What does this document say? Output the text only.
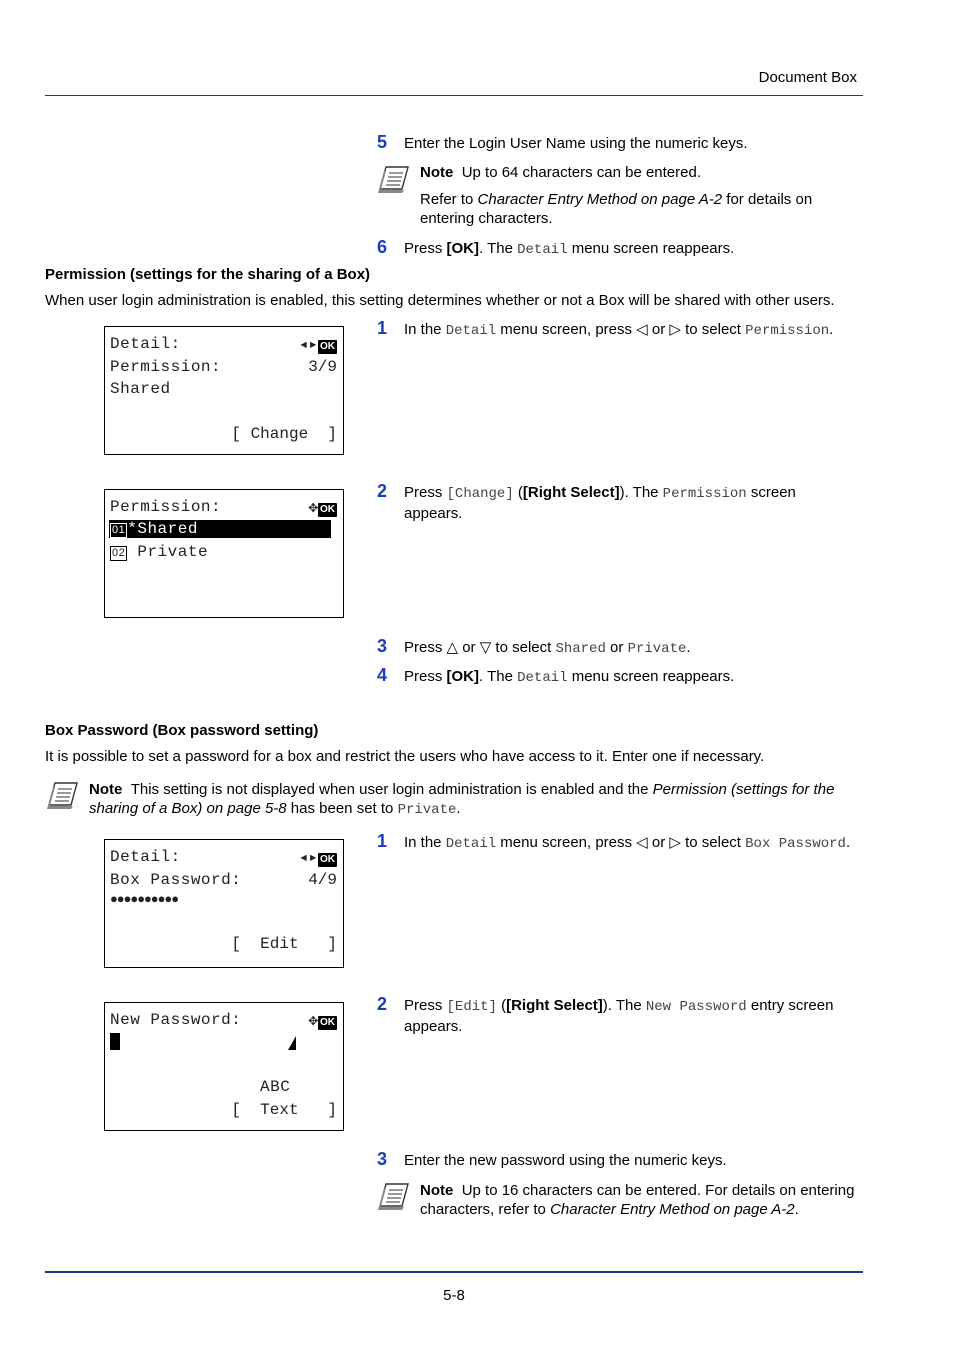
Document Box
5	Enter the Login User Name using the numeric keys.
Note Up to 64 characters can be entered.
Refer to Character Entry Method on page A-2 for details on
entering characters.
6	Press [OK]. The Detail menu screen reappears.
Permission (settings for the sharing of a Box)
When user login administration is enabled, this setting determines whether or not a Box will be shared with other users.
Detail:	◂▸ OK
Permission:	3/9
Shared
[ Change  ]
1	In the Detail menu screen, press ◁ or ▷ to select Permission.
Permission:	✥ OK
01 *Shared
02 Private
2	Press [Change] ([Right Select]). The Permission screen
appears.
3	Press △ or ▽ to select Shared or Private.
4	Press [OK]. The Detail menu screen reappears.
Box Password (Box password setting)
It is possible to set a password for a box and restrict the users who have access to it. Enter one if necessary.
Note This setting is not displayed when user login administration is enabled and the Permission (settings for the sharing of a Box) on page 5-8 has been set to Private.
Detail:	◂▸ OK
Box Password:	4/9
●●●●●●●●●●
[  Edit   ]
1	In the Detail menu screen, press ◁ or ▷ to select Box Password.
New Password:	✥ OK
ABC
[  Text   ]
2	Press [Edit] ([Right Select]). The New Password entry screen
appears.
3	Enter the new password using the numeric keys.
Note Up to 16 characters can be entered. For details on entering
characters, refer to Character Entry Method on page A-2.
5-8
